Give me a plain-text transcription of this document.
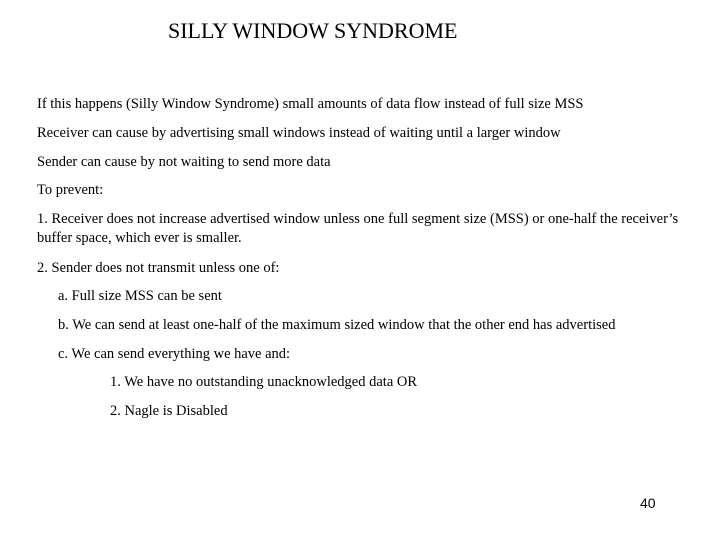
SILLY WINDOW SYNDROME
If this happens (Silly Window Syndrome) small amounts of data flow instead of full size MSS
Receiver can cause by advertising small windows instead of waiting until a larger window
Sender can cause by not waiting to send more data
To prevent:
1. Receiver does not increase advertised window unless one full segment size (MSS) or one-half the receiver’s buffer space, which ever is smaller.
2. Sender does not transmit unless one of:
a. Full size MSS can be sent
b. We can send at least one-half of the maximum sized window that the other end has advertised
c. We can send everything we have and:
1. We have no outstanding unacknowledged data OR
2. Nagle is Disabled
40
